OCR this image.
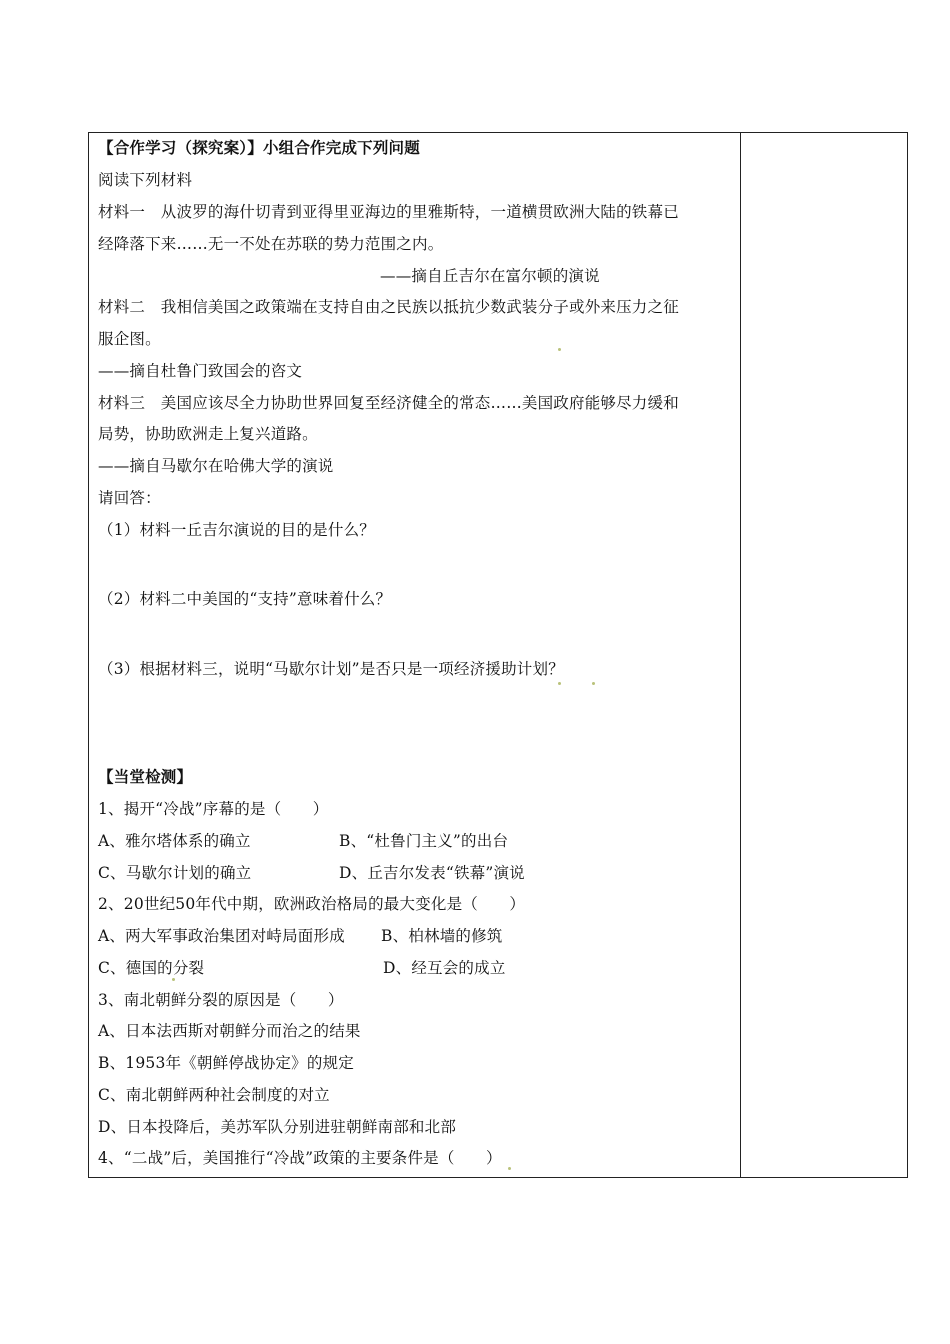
【合作学习（探究案）】小组合作完成下列问题
阅读下列材料
材料一　从波罗的海什切青到亚得里亚海边的里雅斯特，一道横贯欧洲大陆的铁幕已
经降落下来……无一不处在苏联的势力范围之内。
——摘自丘吉尔在富尔顿的演说
材料二　我相信美国之政策端在支持自由之民族以抵抗少数武装分子或外来压力之征
服企图。
——摘自杜鲁门致国会的咨文
材料三　美国应该尽全力协助世界回复至经济健全的常态……美国政府能够尽力缓和
局势，协助欧洲走上复兴道路。
——摘自马歇尔在哈佛大学的演说
请回答：
（1）材料一丘吉尔演说的目的是什么？
（2）材料二中美国的“支持”意味着什么？
（3）根据材料三，说明“马歇尔计划”是否只是一项经济援助计划？
【当堂检测】
1、揭开“冷战”序幕的是（　　）
A、雅尔塔体系的确立	B、“杜鲁门主义”的出台
C、马歇尔计划的确立	D、丘吉尔发表“铁幕”演说
2、20世纪50年代中期，欧洲政治格局的最大变化是（　　）
A、两大军事政治集团对峙局面形成 B、柏林墙的修筑
C、德国的分裂	D、经互会的成立
3、南北朝鲜分裂的原因是（　　）
A、日本法西斯对朝鲜分而治之的结果
B、1953年《朝鲜停战协定》的规定
C、南北朝鲜两种社会制度的对立
D、日本投降后，美苏军队分别进驻朝鲜南部和北部
4、“二战”后，美国推行“冷战”政策的主要条件是（　　）
